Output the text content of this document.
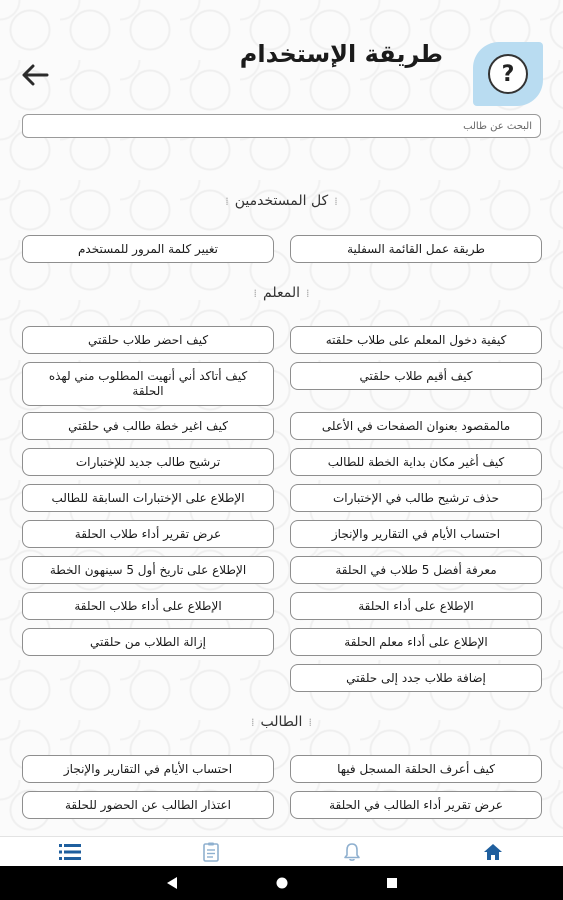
طريقة الإستخدام
?
البحث عن طالب
⁞كل المستخدمين⁞
طريقة عمل القائمة السفلية
تغيير كلمة المرور للمستخدم
⁞المعلم⁞
كيفية دخول المعلم على طلاب حلقته
كيف احضر طلاب حلقتي
كيف أقيم طلاب حلقتي
كيف أتاكد أني أنهيت المطلوب مني لهذه الحلقة
مالمقصود بعنوان الصفحات في الأعلى
كيف اغير خطة طالب في حلقتي
كيف أغير مكان بداية الخطة للطالب
ترشيح طالب جديد للإختبارات
حذف ترشيح طالب في الإختبارات
الإطلاع على الإختبارات السابقة للطالب
احتساب الأيام في التقارير والإنجاز
عرض تقرير أداء طلاب الحلقة
معرفة أفضل 5 طلاب في الحلقة
الإطلاع على تاريخ أول 5 سينهون الخطة
الإطلاع على أداء الحلقة
الإطلاع على أداء طلاب الحلقة
الإطلاع على أداء معلم الحلقة
إزالة الطلاب من حلقتي
إضافة طلاب جدد إلى حلقتي
⁞الطالب⁞
كيف أعرف الحلقة المسجل فيها
احتساب الأيام في التقارير والإنجاز
عرض تقرير أداء الطالب في الحلقة
اعتذار الطالب عن الحضور للحلقة
